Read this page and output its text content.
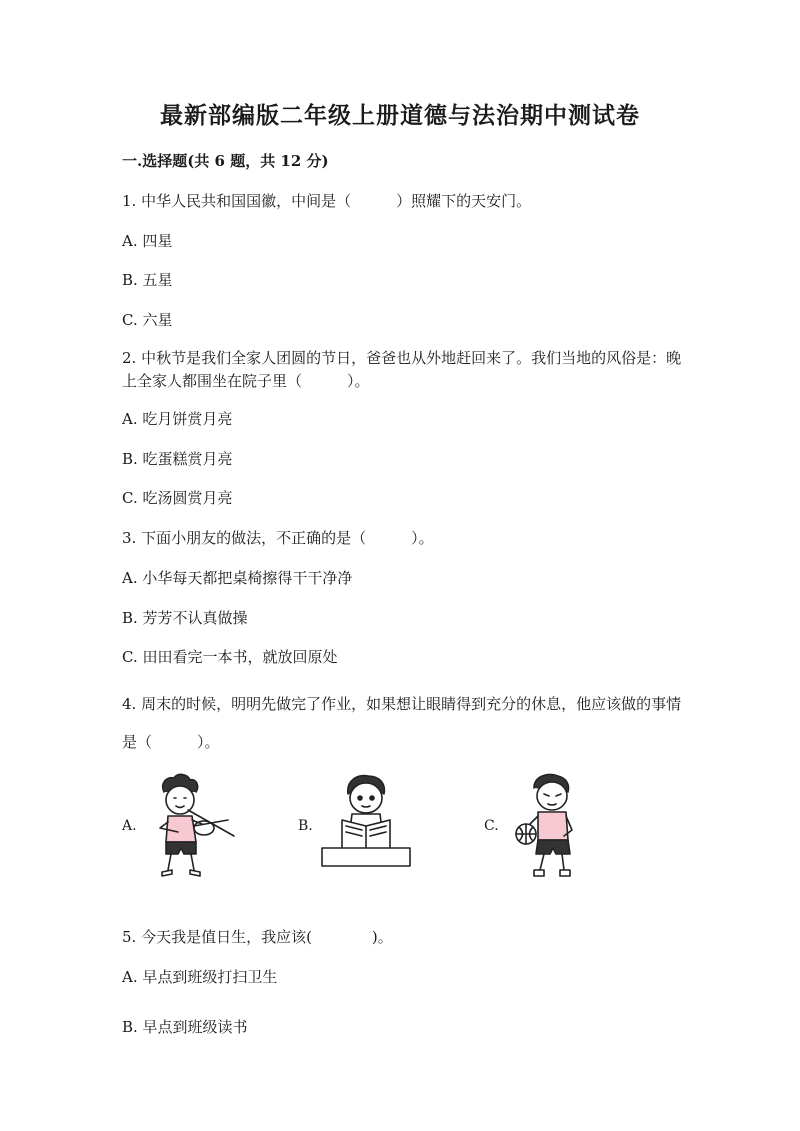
最新部编版二年级上册道德与法治期中测试卷
一.选择题(共 6 题，共 12 分)
1. 中华人民共和国国徽，中间是（　　　）照耀下的天安门。
A. 四星
B. 五星
C. 六星
2. 中秋节是我们全家人团圆的节日，爸爸也从外地赶回来了。我们当地的风俗是：晚上全家人都围坐在院子里（　　　）。
A. 吃月饼赏月亮
B. 吃蛋糕赏月亮
C. 吃汤圆赏月亮
3. 下面小朋友的做法，不正确的是（　　　）。
A. 小华每天都把桌椅擦得干干净净
B. 芳芳不认真做操
C. 田田看完一本书，就放回原处
4. 周末的时候，明明先做完了作业，如果想让眼睛得到充分的休息，他应该做的事情是（　　　）。
A.	B.	C.
5. 今天我是值日生，我应该(　　　　)。
A. 早点到班级打扫卫生
B. 早点到班级读书
